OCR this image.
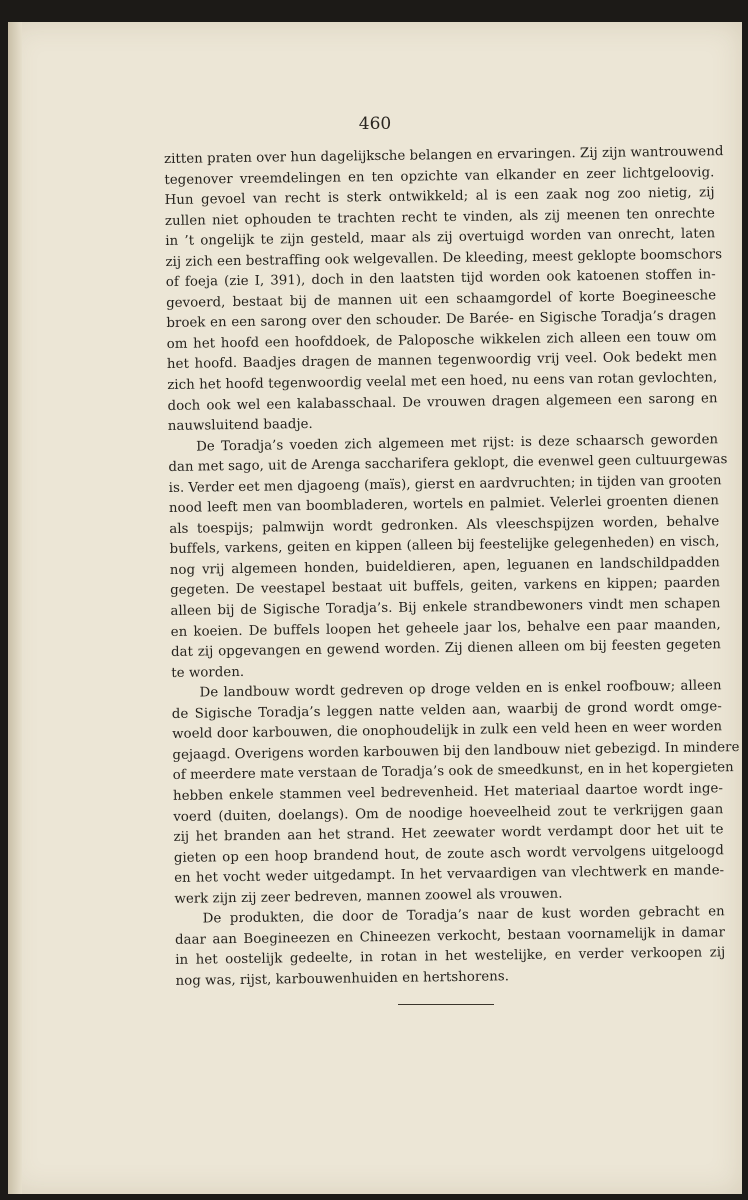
460
zitten praten over hun dagelijksche belangen en ervaringen. Zij zijn wantrouwend
tegenover vreemdelingen en ten opzichte van elkander en zeer lichtgeloovig.
Hun gevoel van recht is sterk ontwikkeld; al is een zaak nog zoo nietig, zij
zullen niet ophouden te trachten recht te vinden, als zij meenen ten onrechte
in ’t ongelijk te zijn gesteld, maar als zij overtuigd worden van onrecht, laten
zij zich een bestraffing ook welgevallen. De kleeding, meest geklopte boomschors
of foeja (zie I, 391), doch in den laatsten tijd worden ook katoenen stoffen in-
gevoerd, bestaat bij de mannen uit een schaamgordel of korte Boegineesche
broek en een sarong over den schouder. De Barée- en Sigische Toradja’s dragen
om het hoofd een hoofddoek, de Paloposche wikkelen zich alleen een touw om
het hoofd. Baadjes dragen de mannen tegenwoordig vrij veel. Ook bedekt men
zich het hoofd tegenwoordig veelal met een hoed, nu eens van rotan gevlochten,
doch ook wel een kalabasschaal. De vrouwen dragen algemeen een sarong en
nauwsluitend baadje.
De Toradja’s voeden zich algemeen met rijst: is deze schaarsch geworden
dan met sago, uit de Arenga saccharifera geklopt, die evenwel geen cultuurgewas
is. Verder eet men djagoeng (maïs), gierst en aardvruchten; in tijden van grooten
nood leeft men van boombladeren, wortels en palmiet. Velerlei groenten dienen
als toespijs; palmwijn wordt gedronken. Als vleeschspijzen worden, behalve
buffels, varkens, geiten en kippen (alleen bij feestelijke gelegenheden) en visch,
nog vrij algemeen honden, buideldieren, apen, leguanen en landschildpadden
gegeten. De veestapel bestaat uit buffels, geiten, varkens en kippen; paarden
alleen bij de Sigische Toradja’s. Bij enkele strandbewoners vindt men schapen
en koeien. De buffels loopen het geheele jaar los, behalve een paar maanden,
dat zij opgevangen en gewend worden. Zij dienen alleen om bij feesten gegeten
te worden.
De landbouw wordt gedreven op droge velden en is enkel roofbouw; alleen
de Sigische Toradja’s leggen natte velden aan, waarbij de grond wordt omge-
woeld door karbouwen, die onophoudelijk in zulk een veld heen en weer worden
gejaagd. Overigens worden karbouwen bij den landbouw niet gebezigd. In mindere
of meerdere mate verstaan de Toradja’s ook de smeedkunst, en in het kopergieten
hebben enkele stammen veel bedrevenheid. Het materiaal daartoe wordt inge-
voerd (duiten, doelangs). Om de noodige hoeveelheid zout te verkrijgen gaan
zij het branden aan het strand. Het zeewater wordt verdampt door het uit te
gieten op een hoop brandend hout, de zoute asch wordt vervolgens uitgeloogd
en het vocht weder uitgedampt. In het vervaardigen van vlechtwerk en mande-
werk zijn zij zeer bedreven, mannen zoowel als vrouwen.
De produkten, die door de Toradja’s naar de kust worden gebracht en
daar aan Boegineezen en Chineezen verkocht, bestaan voornamelijk in damar
in het oostelijk gedeelte, in rotan in het westelijke, en verder verkoopen zij
nog was, rijst, karbouwenhuiden en hertshorens.
